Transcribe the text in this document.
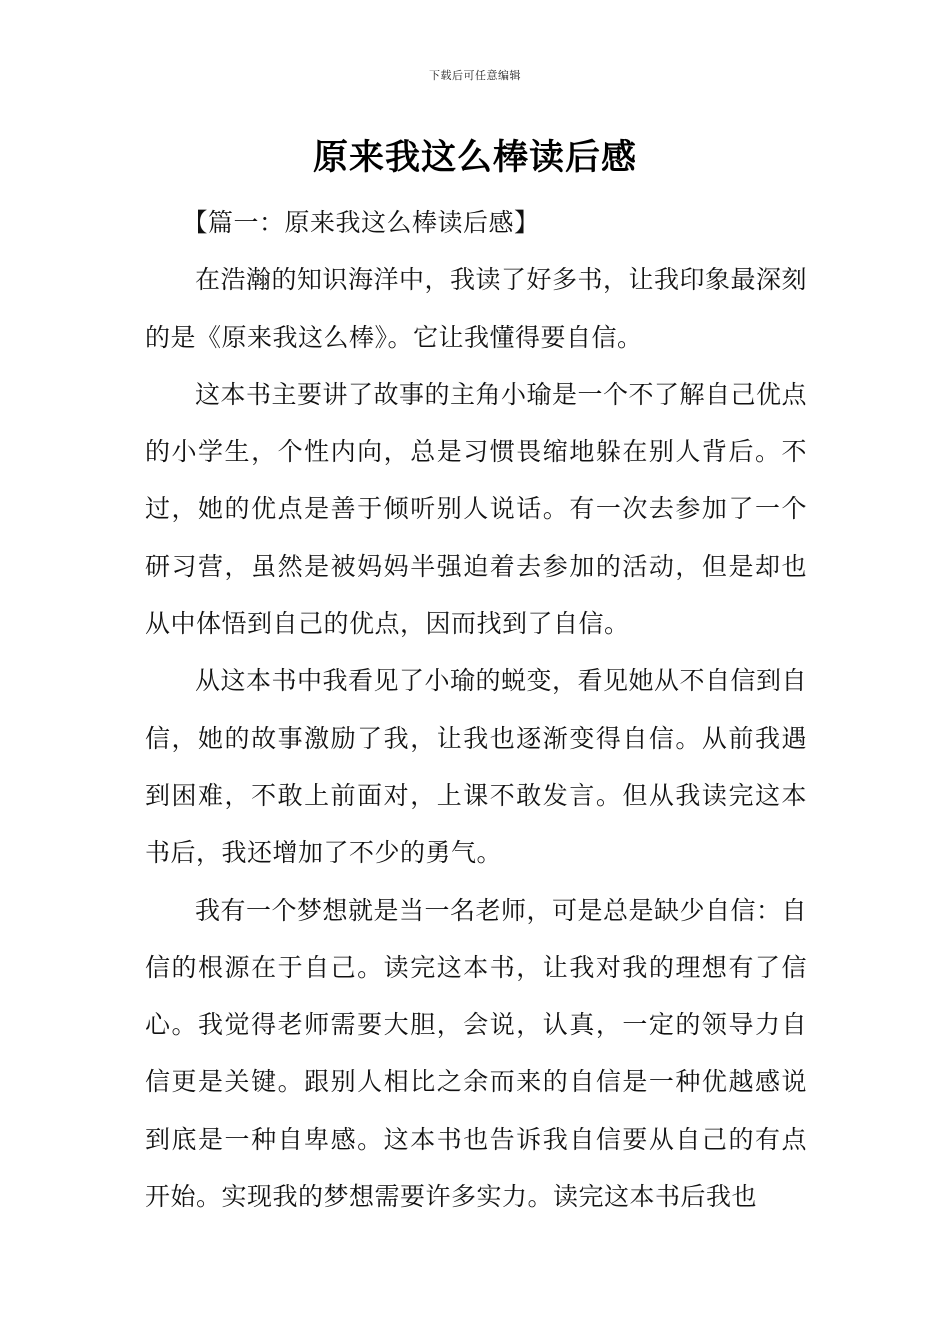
下载后可任意编辑
原来我这么棒读后感
【篇一：原来我这么棒读后感】

在浩瀚的知识海洋中，我读了好多书，让我印象最深刻的是《原来我这么棒》。它让我懂得要自信。

这本书主要讲了故事的主角小瑜是一个不了解自己优点的小学生，个性内向，总是习惯畏缩地躲在别人背后。不过，她的优点是善于倾听别人说话。有一次去参加了一个研习营，虽然是被妈妈半强迫着去参加的活动，但是却也从中体悟到自己的优点，因而找到了自信。

从这本书中我看见了小瑜的蜕变，看见她从不自信到自信，她的故事激励了我，让我也逐渐变得自信。从前我遇到困难，不敢上前面对，上课不敢发言。但从我读完这本书后，我还增加了不少的勇气。

我有一个梦想就是当一名老师，可是总是缺少自信：自信的根源在于自己。读完这本书，让我对我的理想有了信心。我觉得老师需要大胆，会说，认真，一定的领导力自信更是关键。跟别人相比之余而来的自信是一种优越感说到底是一种自卑感。这本书也告诉我自信要从自己的有点开始。实现我的梦想需要许多实力。读完这本书后我也
